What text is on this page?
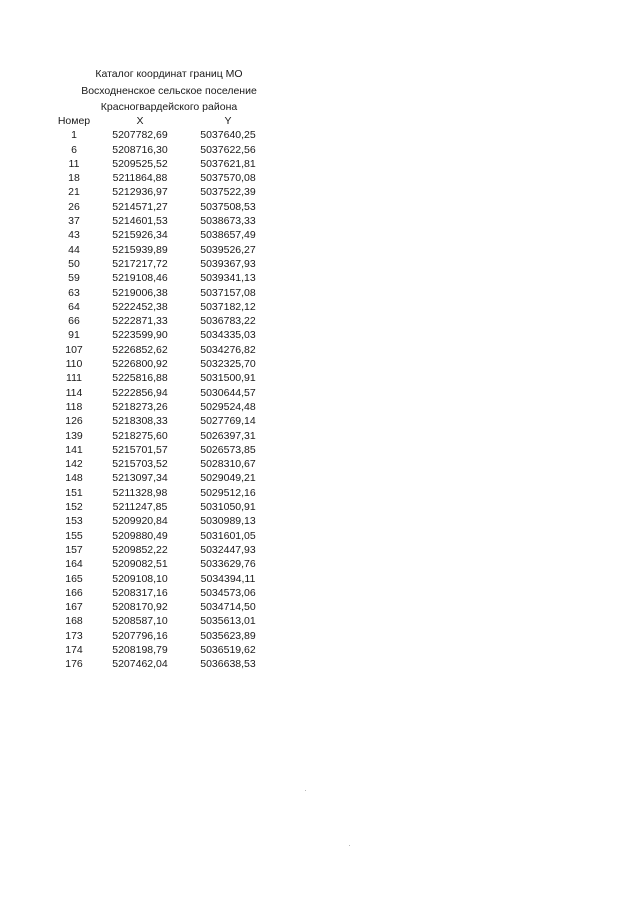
Каталог координат границ МО
Восходненское сельское поселение
Красногвардейского района
Номер	X	Y
1	5207782,69	5037640,25
6	5208716,30	5037622,56
11	5209525,52	5037621,81
18	5211864,88	5037570,08
21	5212936,97	5037522,39
26	5214571,27	5037508,53
37	5214601,53	5038673,33
43	5215926,34	5038657,49
44	5215939,89	5039526,27
50	5217217,72	5039367,93
59	5219108,46	5039341,13
63	5219006,38	5037157,08
64	5222452,38	5037182,12
66	5222871,33	5036783,22
91	5223599,90	5034335,03
107	5226852,62	5034276,82
110	5226800,92	5032325,70
111	5225816,88	5031500,91
114	5222856,94	5030644,57
118	5218273,26	5029524,48
126	5218308,33	5027769,14
139	5218275,60	5026397,31
141	5215701,57	5026573,85
142	5215703,52	5028310,67
148	5213097,34	5029049,21
151	5211328,98	5029512,16
152	5211247,85	5031050,91
153	5209920,84	5030989,13
155	5209880,49	5031601,05
157	5209852,22	5032447,93
164	5209082,51	5033629,76
165	5209108,10	5034394,11
166	5208317,16	5034573,06
167	5208170,92	5034714,50
168	5208587,10	5035613,01
173	5207796,16	5035623,89
174	5208198,79	5036519,62
176	5207462,04	5036638,53
